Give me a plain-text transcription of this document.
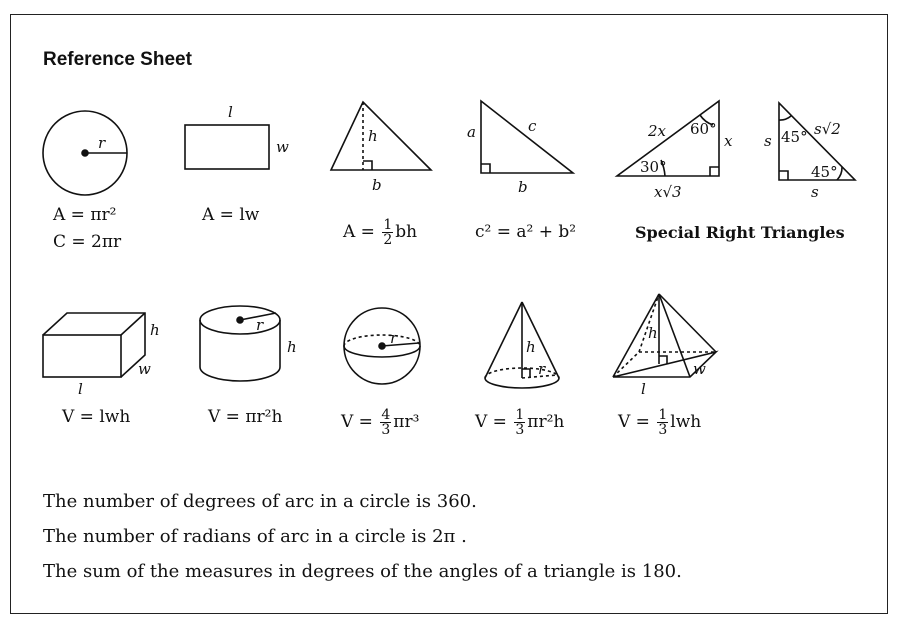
Reference Sheet
r
l
w
h
b
a	c
b
2x 60°
x
30°
x√3
s 45° s√2
45°
s
h
w
l
r
h	r	h
r
h
w
l
A = πr²
C = 2πr
A = lw
$A = \frac{1}{2}$ bh	c² = a² + b²	Special Right Triangles
V = lwh	V = πr²h	$V = \frac{4}{3} \pi r^3$	$V = \frac{1}{3} \pi r^2h$	$V = \frac{1}{3}$ lwh
The number of degrees of arc in a circle is 360.
The number of radians of arc in a circle is 2π .
The sum of the measures in degrees of the angles of a triangle is 180.
